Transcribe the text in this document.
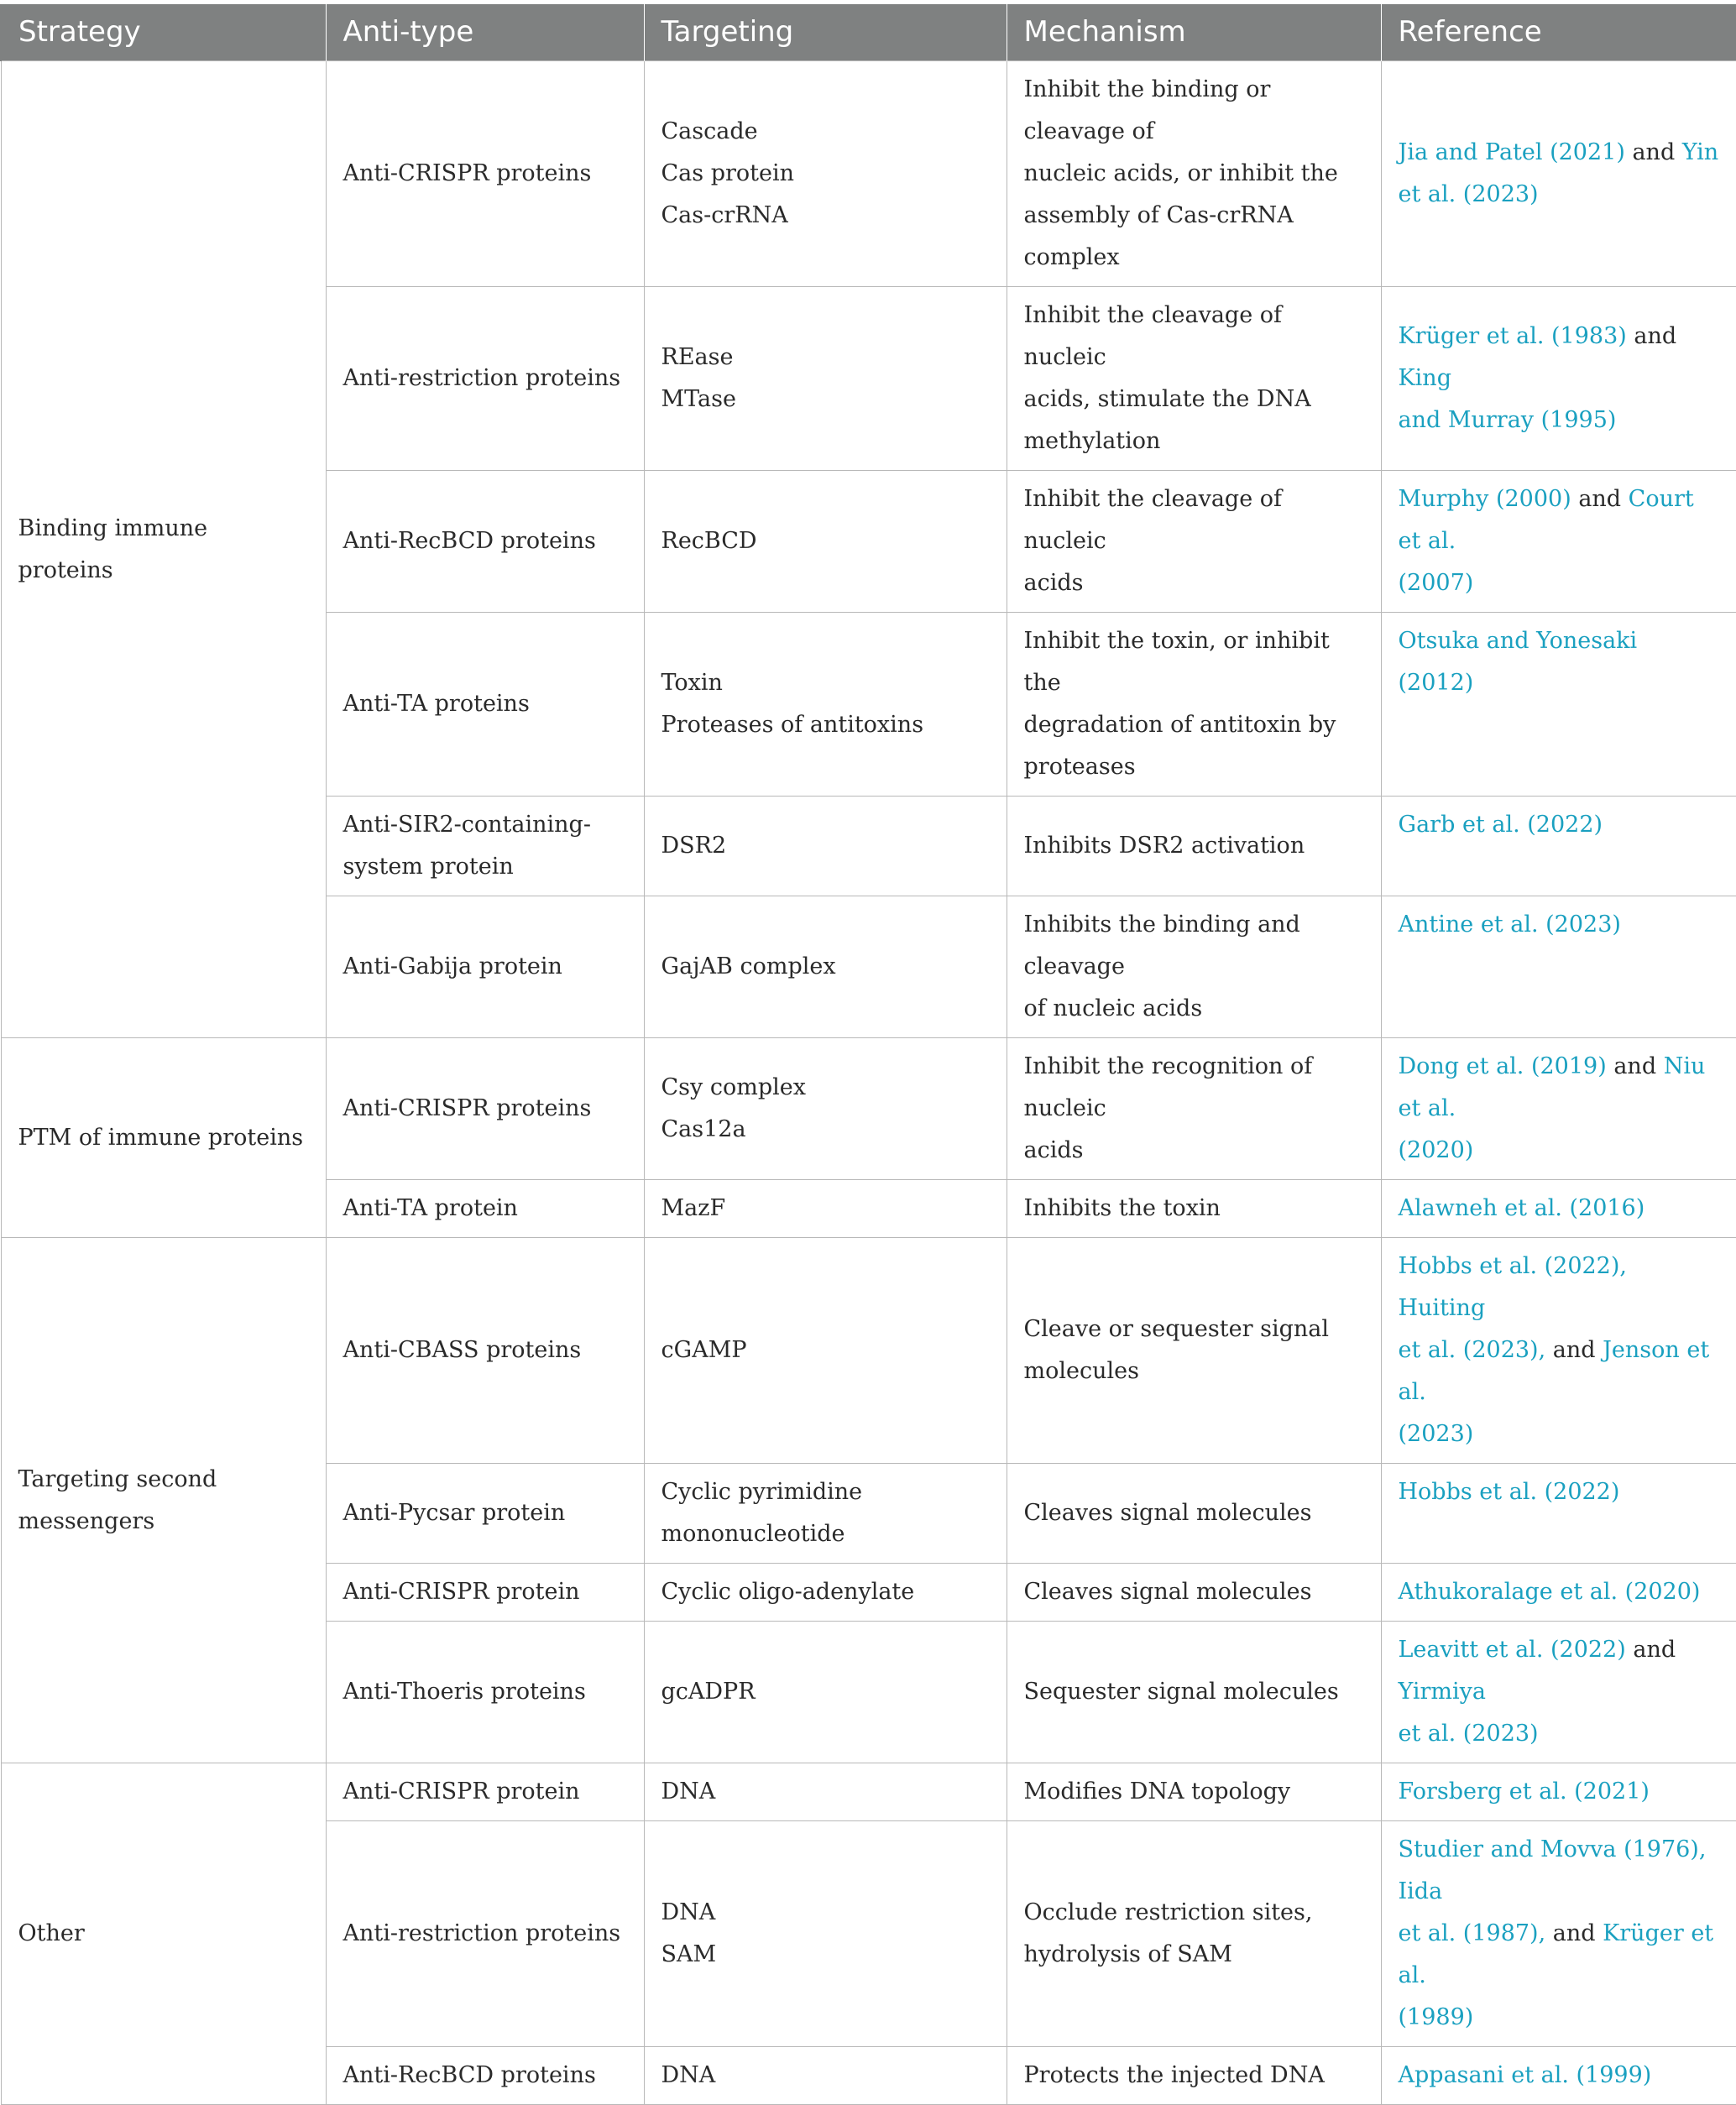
Strategy	Anti-type	Targeting	Mechanism	Reference
Binding immune proteins	Anti-CRISPR proteins	Cascade
Cas protein
Cas-crRNA	Inhibit the binding or cleavage of
nucleic acids, or inhibit the
assembly of Cas-crRNA complex	Jia and Patel (2021) and Yin
et al. (2023)

	Anti-restriction proteins	REase
MTase	Inhibit the cleavage of nucleic
acids, stimulate the DNA
methylation	Krüger et al. (1983) and King
and Murray (1995)

	Anti-RecBCD proteins	RecBCD	Inhibit the cleavage of nucleic
acids	Murphy (2000) and Court et al.
(2007)

	Anti-TA proteins	Toxin
Proteases of antitoxins	Inhibit the toxin, or inhibit the
degradation of antitoxin by
proteases	Otsuka and Yonesaki (2012)

	Anti-SIR2-containing-
system protein	DSR2	Inhibits DSR2 activation	Garb et al. (2022)

	Anti-Gabija protein	GajAB complex	Inhibits the binding and cleavage
of nucleic acids	Antine et al. (2023)

PTM of immune proteins	Anti-CRISPR proteins	Csy complex
Cas12a	Inhibit the recognition of nucleic
acids	Dong et al. (2019) and Niu et al.
(2020)

	Anti-TA protein	MazF	Inhibits the toxin	Alawneh et al. (2016)

Targeting second messengers	Anti-CBASS proteins	cGAMP	Cleave or sequester signal
molecules	Hobbs et al. (2022), Huiting
et al. (2023), and Jenson et al.
(2023)

	Anti-Pycsar protein	Cyclic pyrimidine
mononucleotide	Cleaves signal molecules	Hobbs et al. (2022)

	Anti-CRISPR protein	Cyclic oligo-adenylate	Cleaves signal molecules	Athukoralage et al. (2020)

	Anti-Thoeris proteins	gcADPR	Sequester signal molecules	Leavitt et al. (2022) and Yirmiya
et al. (2023)

Other	Anti-CRISPR protein	DNA	Modifies DNA topology	Forsberg et al. (2021)

	Anti-restriction proteins	DNA
SAM	Occlude restriction sites,
hydrolysis of SAM	Studier and Movva (1976), Iida
et al. (1987), and Krüger et al.
(1989)

	Anti-RecBCD proteins	DNA	Protects the injected DNA	Appasani et al. (1999)
